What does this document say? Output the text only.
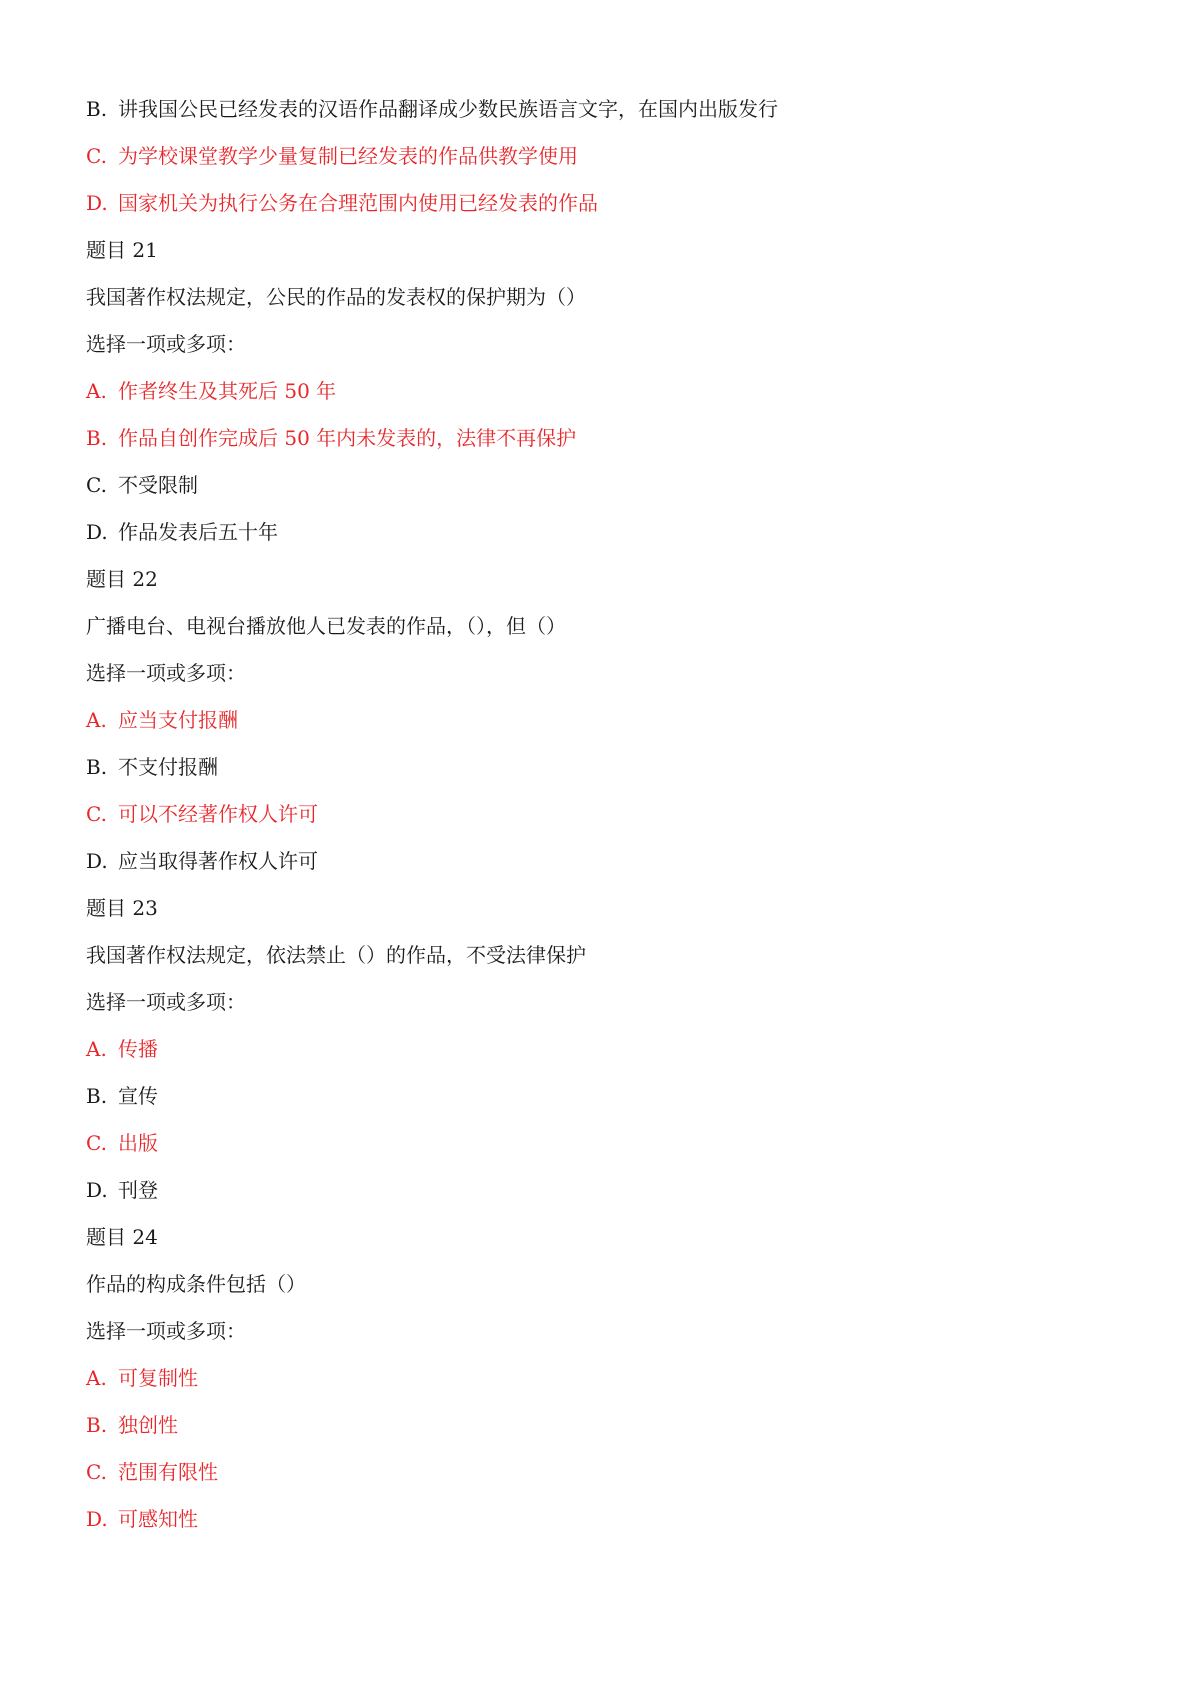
B. 讲我国公民已经发表的汉语作品翻译成少数民族语言文字，在国内出版发行
C. 为学校课堂教学少量复制已经发表的作品供教学使用
D. 国家机关为执行公务在合理范围内使用已经发表的作品
题目 21
我国著作权法规定，公民的作品的发表权的保护期为（）
选择一项或多项：
A. 作者终生及其死后 50 年
B. 作品自创作完成后 50 年内未发表的，法律不再保护
C. 不受限制
D. 作品发表后五十年
题目 22
广播电台、电视台播放他人已发表的作品，（），但（）
选择一项或多项：
A. 应当支付报酬
B. 不支付报酬
C. 可以不经著作权人许可
D. 应当取得著作权人许可
题目 23
我国著作权法规定，依法禁止（）的作品，不受法律保护
选择一项或多项：
A. 传播
B. 宣传
C. 出版
D. 刊登
题目 24
作品的构成条件包括（）
选择一项或多项：
A. 可复制性
B. 独创性
C. 范围有限性
D. 可感知性
